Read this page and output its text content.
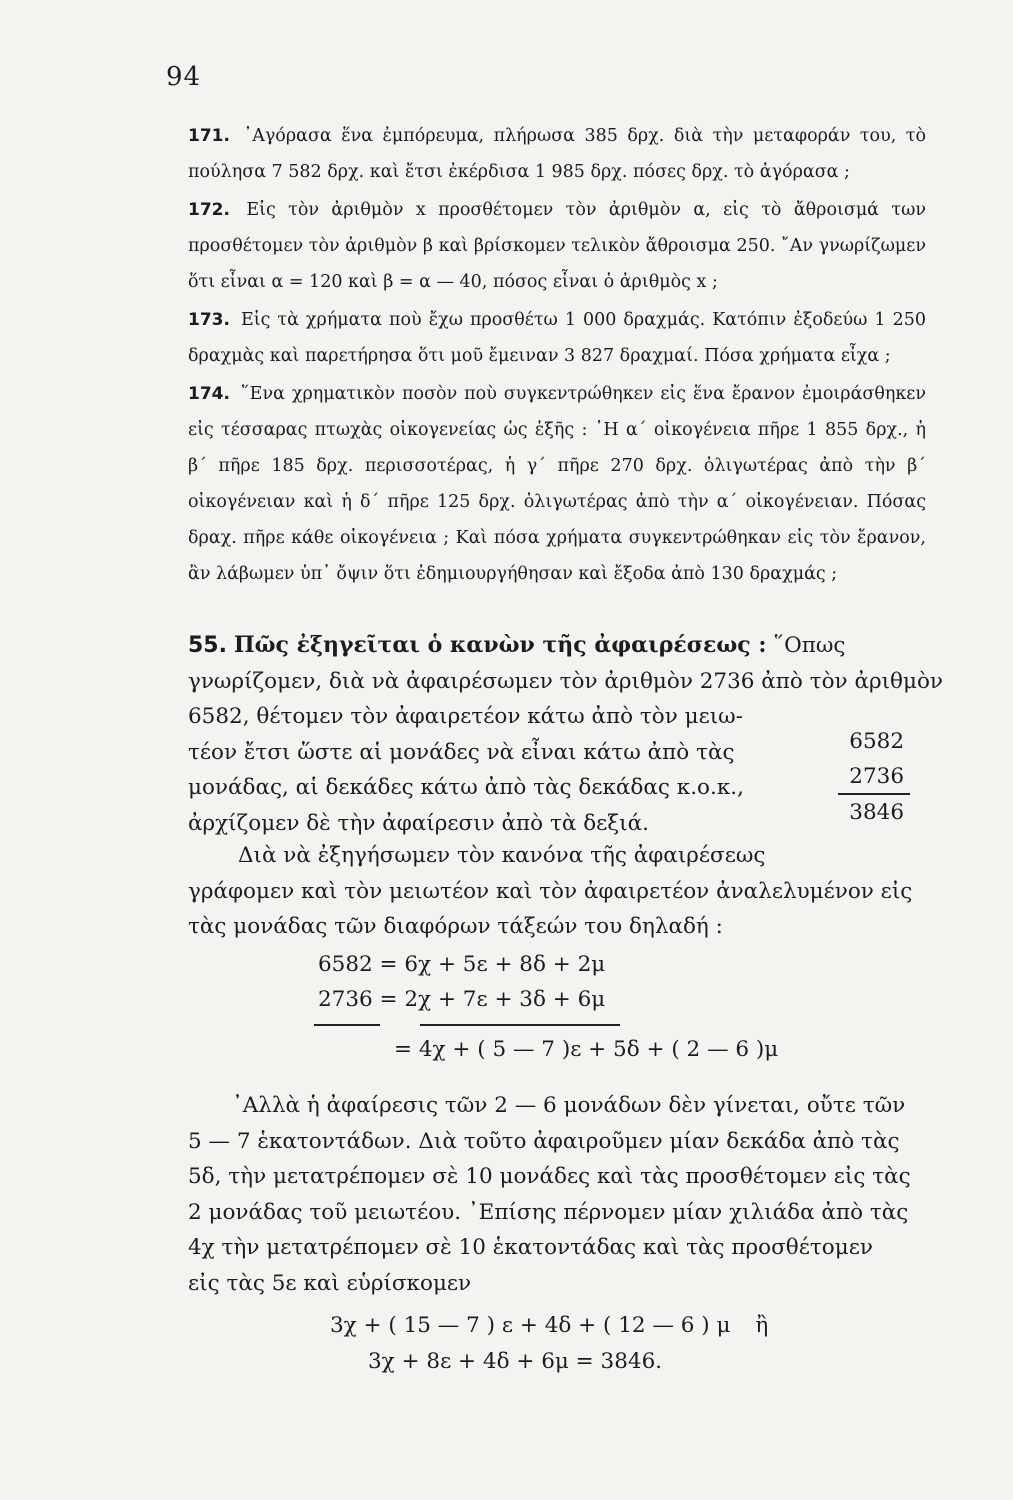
94

171. ᾿Αγόρασα ἕνα ἐμπόρευμα, πλήρωσα 385 δρχ. διὰ τὴν μεταφοράν του, τὸ πούλησα 7 582 δρχ. καὶ ἔτσι ἐκέρδισα 1 985 δρχ. πόσες δρχ. τὸ ἀγόρασα ;

172. Εἰς τὸν ἀριθμὸν x προσθέτομεν τὸν ἀριθμὸν α, εἰς τὸ ἄθροισμά των προσθέτομεν τὸν ἀριθμὸν β καὶ βρίσκομεν τελικὸν ἄθροισμα 250. ῎Αν γνωρίζωμεν ὅτι εἶναι α = 120 καὶ β = α — 40, πόσος εἶναι ὁ ἀριθμὸς x ;

173. Εἰς τὰ χρήματα ποὺ ἔχω προσθέτω 1 000 δραχμάς. Κατόπιν ἐξοδεύω 1 250 δραχμὰς καὶ παρετήρησα ὅτι μοῦ ἔμειναν 3 827 δραχμαί. Πόσα χρήματα εἶχα ;

174. ῞Ενα χρηματικὸν ποσὸν ποὺ συγκεντρώθηκεν εἰς ἕνα ἔρανον ἐμοιράσθηκεν εἰς τέσσαρας πτωχὰς οἰκογενείας ὡς ἑξῆς : ῾Η α΄ οἰκογένεια πῆρε 1 855 δρχ., ἡ β΄ πῆρε 185 δρχ. περισσοτέρας, ἡ γ΄ πῆρε 270 δρχ. ὀλιγωτέρας ἀπὸ τὴν β΄ οἰκογένειαν καὶ ἡ δ΄ πῆρε 125 δρχ. ὀλιγωτέρας ἀπὸ τὴν α΄ οἰκογένειαν. Πόσας δραχ. πῆρε κάθε οἰκογένεια ; Καὶ πόσα χρήματα συγκεντρώθηκαν εἰς τὸν ἔρανον, ἂν λάβωμεν ὑπ᾿ ὄψιν ὅτι ἐδημιουργήθησαν καὶ ἔξοδα ἀπὸ 130 δραχμάς ;

55. Πῶς ἐξηγεῖται ὁ κανὼν τῆς ἀφαιρέσεως : ῞Οπως
γνωρίζομεν, διὰ νὰ ἀφαιρέσωμεν τὸν ἀριθμὸν 2736 ἀπὸ τὸν ἀριθμὸν
6582, θέτομεν τὸν ἀφαιρετέον κάτω ἀπὸ τὸν μειω-
τέον ἔτσι ὥστε αἱ μονάδες νὰ εἶναι κάτω ἀπὸ τὰς
μονάδας, αἱ δεκάδες κάτω ἀπὸ τὰς δεκάδας κ.ο.κ.,
ἀρχίζομεν δὲ τὴν ἀφαίρεσιν ἀπὸ τὰ δεξιά.
6582
2736
3846
Διὰ νὰ ἐξηγήσωμεν τὸν κανόνα τῆς ἀφαιρέσεως
γράφομεν καὶ τὸν μειωτέον καὶ τὸν ἀφαιρετέον ἀναλελυμένον εἰς
τὰς μονάδας τῶν διαφόρων τάξεών του δηλαδή :
6582 = 6χ + 5ε + 8δ + 2μ
2736 = 2χ + 7ε + 3δ + 6μ
= 4χ + ( 5 — 7 )ε + 5δ + ( 2 — 6 )μ
᾿Αλλὰ ἡ ἀφαίρεσις τῶν 2 — 6 μονάδων δὲν γίνεται, οὔτε τῶν
5 — 7 ἑκατοντάδων. Διὰ τοῦτο ἀφαιροῦμεν μίαν δεκάδα ἀπὸ τὰς
5δ, τὴν μετατρέπομεν σὲ 10 μονάδες καὶ τὰς προσθέτομεν εἰς τὰς
2 μονάδας τοῦ μειωτέου. ᾿Επίσης πέρνομεν μίαν χιλιάδα ἀπὸ τὰς
4χ τὴν μετατρέπομεν σὲ 10 ἑκατοντάδας καὶ τὰς προσθέτομεν
εἰς τὰς 5ε καὶ εὑρίσκομεν
3χ + ( 15 — 7 ) ε + 4δ + ( 12 — 6 ) μ ἢ
3χ + 8ε + 4δ + 6μ = 3846.
